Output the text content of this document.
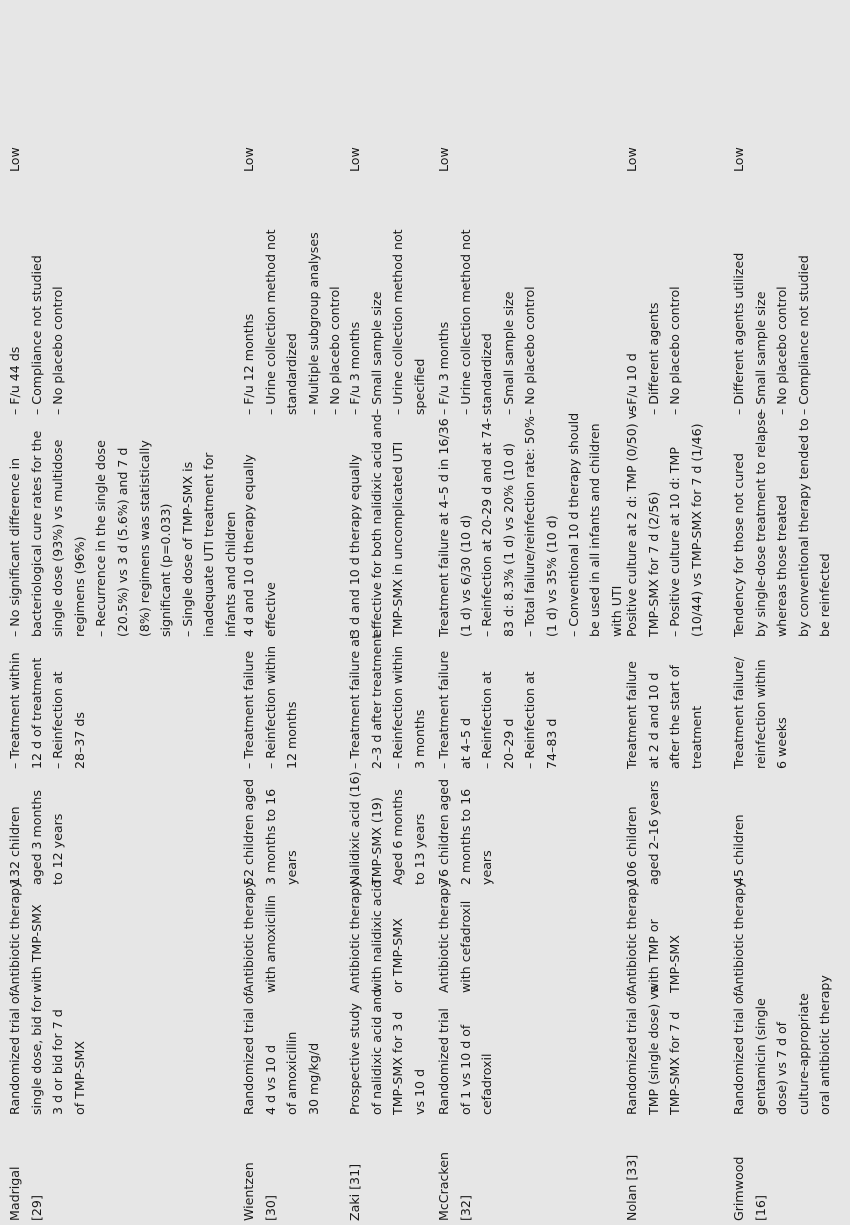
Madrigal [29]
Randomized trial of single dose, bid for 3 d or bid for 7 d of TMP-SMX
Antibiotic therapy with TMP-SMX
132 children aged 3 months to 12 years
– Treatment within 12 d of treatment – Reinfection at 28–37 ds
– No significant difference in bacteriological cure rates for the single dose (93%) vs multidose regimens (96%) – Recurrence in the single dose (20.5%) vs 3 d (5.6%) and 7 d (8%) regimens was statistically significant (p=0.033) – Single dose of TMP-SMX is inadequate UTI treatment for infants and children
– F/u 44 ds – Compliance not studied – No placebo control
Low
Wientzen [30]
Randomized trial of 4 d vs 10 d of amoxicillin 30 mg/kg/d
Antibiotic therapy with amoxicillin
52 children aged 3 months to 16 years
– Treatment failure – Reinfection within 12 months
4 d and 10 d therapy equally effective
– F/u 12 months – Urine collection method not standardized – Multiple subgroup analyses – No placebo control
Low
Zaki [31]
Prospective study of nalidixic acid and TMP-SMX for 3 d vs 10 d
Antibiotic therapy with nalidixic acid or TMP-SMX
Nalidixic acid (16) TMP-SMX (19) Aged 6 months to 13 years
– Treatment failure at 2–3 d after treatment – Reinfection within 3 months
3 d and 10 d therapy equally effective for both nalidixic acid and TMP-SMX in uncomplicated UTI
– F/u 3 months – Small sample size – Urine collection method not specified
Low
McCracken [32]
Randomized trial of 1 vs 10 d of cefadroxil
Antibiotic therapy with cefadroxil
76 children aged 2 months to 16 years
– Treatment failure at 4–5 d – Reinfection at 20–29 d – Reinfection at 74–83 d
Treatment failure at 4–5 d in 16/36 (1 d) vs 6/30 (10 d) – Reinfection at 20-29 d and at 74- 83 d: 8.3% (1 d) vs 20% (10 d) – Total failure/reinfection rate: 50% (1 d) vs 35% (10 d) – Conventional 10 d therapy should be used in all infants and children with UTI
– F/u 3 months – Urine collection method not standardized – Small sample size – No placebo control
Low
Nolan [33]
Randomized trial of TMP (single dose) vs TMP-SMX for 7 d
Antibiotic therapy with TMP or TMP-SMX
106 children aged 2–16 years
Treatment failure at 2 d and 10 d after the start of treatment
Positive culture at 2 d: TMP (0/50) vs TMP-SMX for 7 d (2/56) – Positive culture at 10 d: TMP (10/44) vs TMP-SMX for 7 d (1/46)
– F/u 10 d – Different agents – No placebo control
Low
Grimwood [16]
Randomized trial of gentamicin (single dose) vs 7 d of culture-appropriate oral antibiotic therapy
Antibiotic therapy
45 children
Treatment failure/ reinfection within 6 weeks
Tendency for those not cured by single-dose treatment to relapse whereas those treated by conventional therapy tended to be reinfected
– Different agents utilized – Small sample size – No placebo control – Compliance not studied
Low
